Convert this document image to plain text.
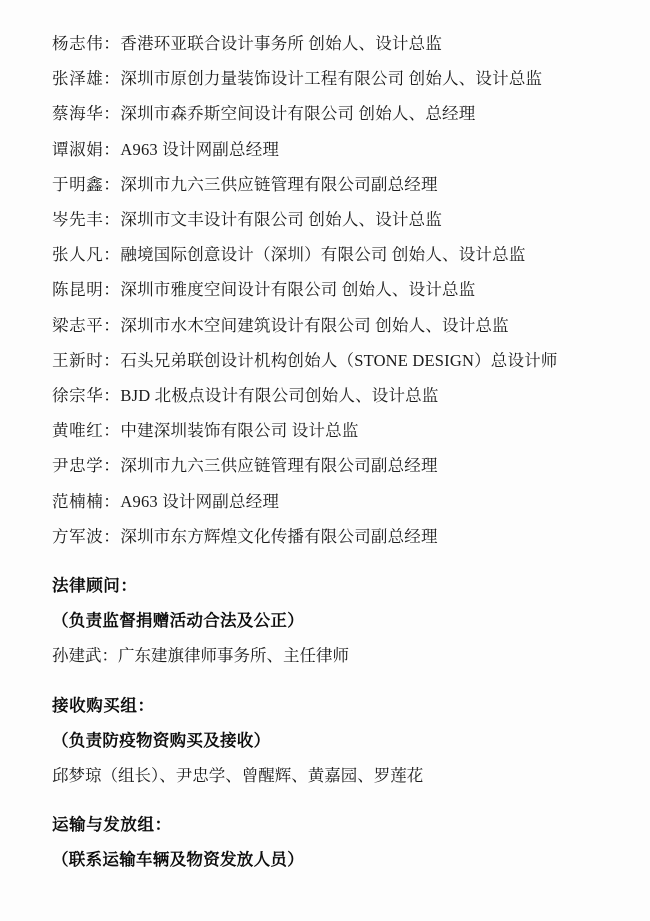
杨志伟：香港环亚联合设计事务所 创始人、设计总监
张泽雄：深圳市原创力量装饰设计工程有限公司 创始人、设计总监
蔡海华：深圳市森乔斯空间设计有限公司 创始人、总经理
谭淑娟：A963 设计网副总经理
于明鑫：深圳市九六三供应链管理有限公司副总经理
岑先丰：深圳市文丰设计有限公司 创始人、设计总监
张人凡：融境国际创意设计（深圳）有限公司 创始人、设计总监
陈昆明：深圳市雅度空间设计有限公司 创始人、设计总监
梁志平：深圳市水木空间建筑设计有限公司 创始人、设计总监
王新时：石头兄弟联创设计机构创始人（STONE DESIGN）总设计师
徐宗华：BJD 北极点设计有限公司创始人、设计总监
黄唯红：中建深圳装饰有限公司 设计总监
尹忠学：深圳市九六三供应链管理有限公司副总经理
范楠楠：A963 设计网副总经理
方军波：深圳市东方辉煌文化传播有限公司副总经理
法律顾问：
（负责监督捐赠活动合法及公正）
孙建武：广东建旗律师事务所、主任律师
接收购买组：
（负责防疫物资购买及接收）
邱梦琼（组长）、尹忠学、曾醒辉、黄嘉园、罗莲花
运输与发放组：
（联系运输车辆及物资发放人员）
